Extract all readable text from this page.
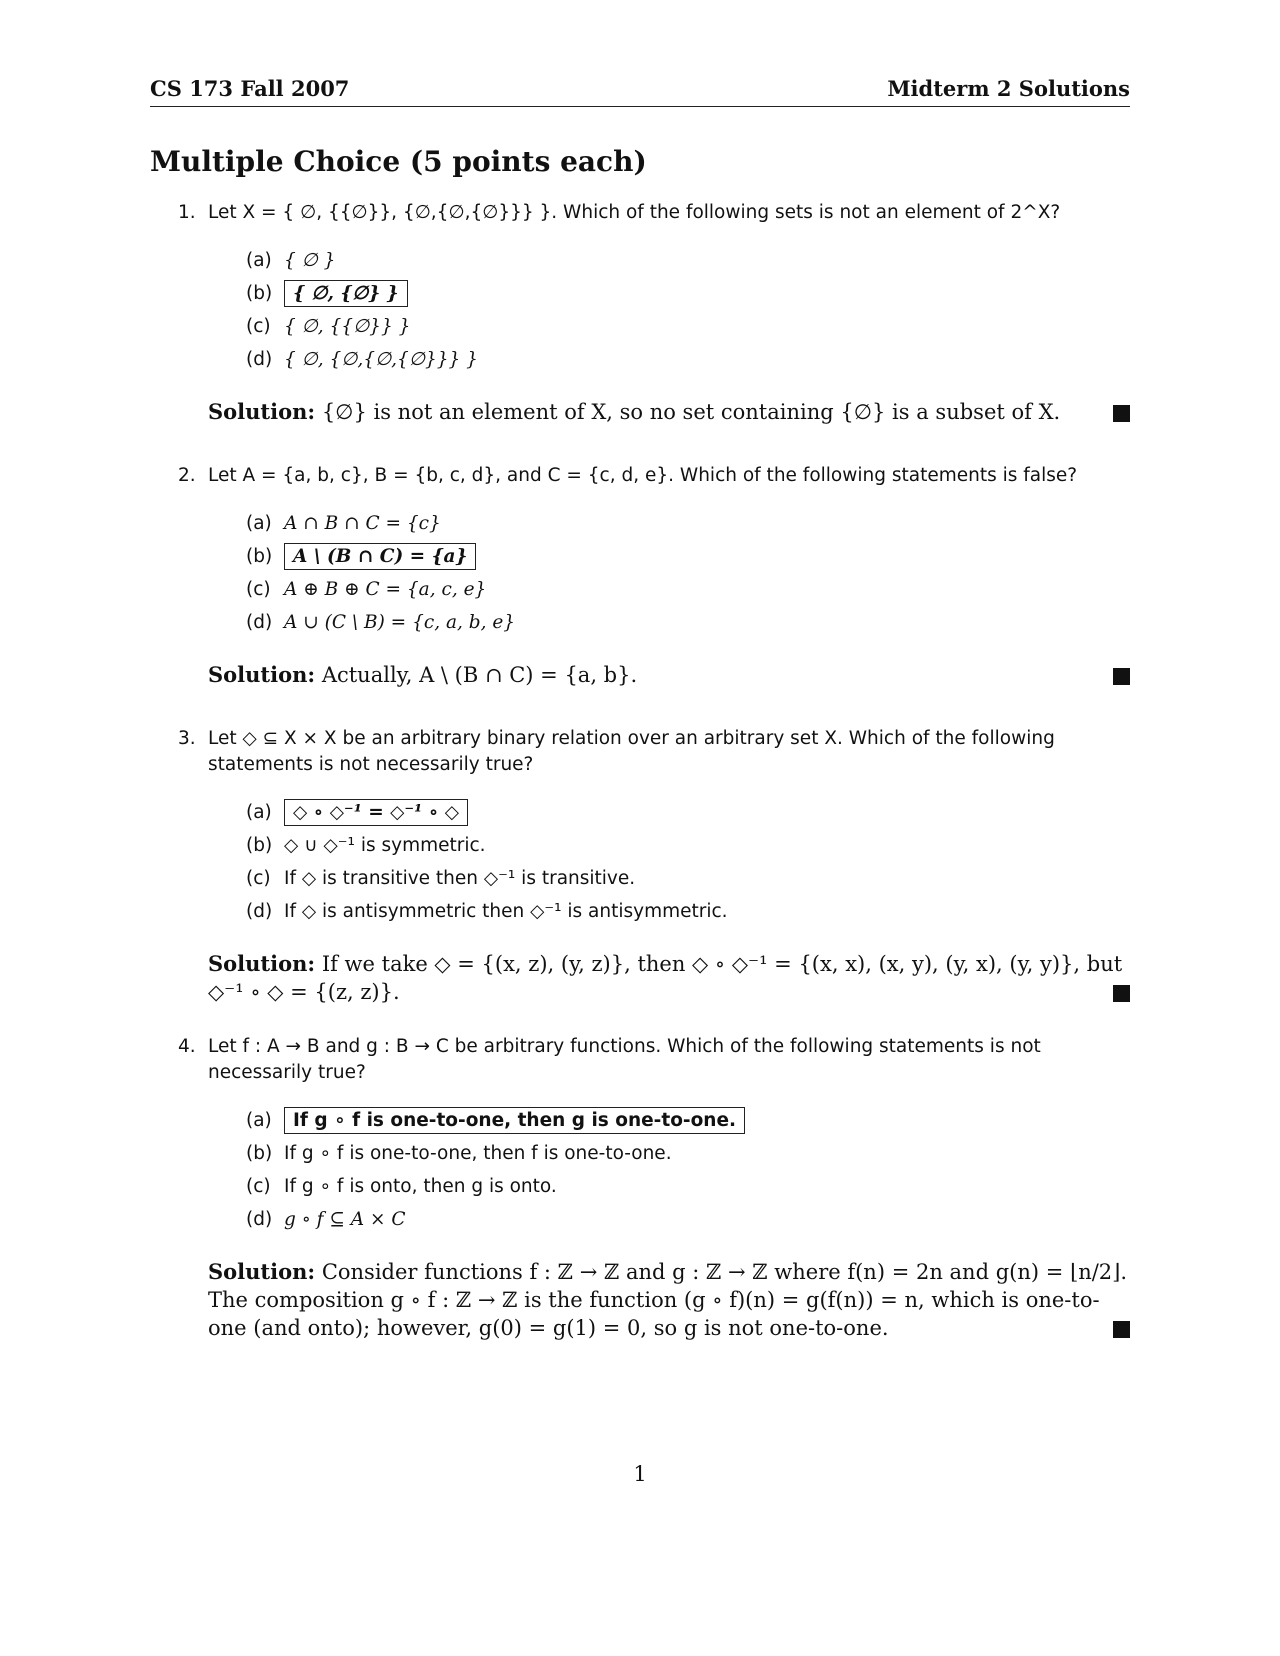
CS 173 Fall 2007	Midterm 2 Solutions
Multiple Choice (5 points each)
1. Let X = { ∅, {{∅}}, {∅,{∅,{∅}}} }. Which of the following sets is not an element of 2^X?
(a) { ∅ }
(b) { ∅, {∅} }
(c) { ∅, {{∅}} }
(d) { ∅, {∅,{∅,{∅}}} }
Solution: {∅} is not an element of X, so no set containing {∅} is a subset of X.
2. Let A = {a, b, c}, B = {b, c, d}, and C = {c, d, e}. Which of the following statements is false?
(a) A ∩ B ∩ C = {c}
(b) A \ (B ∩ C) = {a}
(c) A ⊕ B ⊕ C = {a, c, e}
(d) A ∪ (C \ B) = {c, a, b, e}
Solution: Actually, A \ (B ∩ C) = {a, b}.
3. Let ◇ ⊆ X × X be an arbitrary binary relation over an arbitrary set X. Which of the following statements is not necessarily true?
(a) ◇ ∘ ◇⁻¹ = ◇⁻¹ ∘ ◇
(b) ◇ ∪ ◇⁻¹ is symmetric.
(c) If ◇ is transitive then ◇⁻¹ is transitive.
(d) If ◇ is antisymmetric then ◇⁻¹ is antisymmetric.
Solution: If we take ◇ = {(x, z), (y, z)}, then ◇ ∘ ◇⁻¹ = {(x, x), (x, y), (y, x), (y, y)}, but ◇⁻¹ ∘ ◇ = {(z, z)}.
4. Let f : A → B and g : B → C be arbitrary functions. Which of the following statements is not necessarily true?
(a) If g ∘ f is one-to-one, then g is one-to-one.
(b) If g ∘ f is one-to-one, then f is one-to-one.
(c) If g ∘ f is onto, then g is onto.
(d) g ∘ f ⊆ A × C
Solution: Consider functions f : ℤ → ℤ and g : ℤ → ℤ where f(n) = 2n and g(n) = ⌊n/2⌋. The composition g ∘ f : ℤ → ℤ is the function (g ∘ f)(n) = g(f(n)) = n, which is one-to-one (and onto); however, g(0) = g(1) = 0, so g is not one-to-one.
1
